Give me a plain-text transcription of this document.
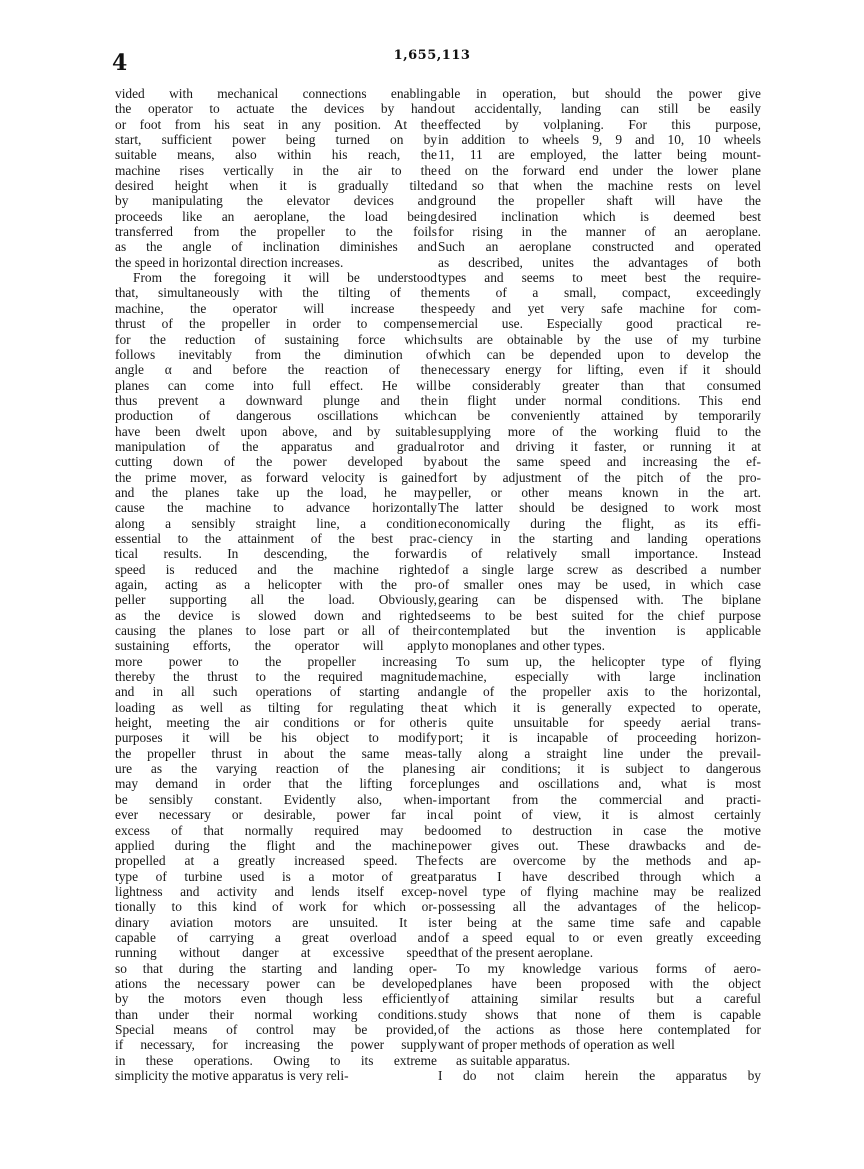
4	1,655,113
vided with mechanical connections enabling
the operator to actuate the devices by hand
or foot from his seat in any position. At the
start, sufficient power being turned on by
suitable means, also within his reach, the
machine rises vertically in the air to the
desired height when it is gradually tilted
by manipulating the elevator devices and
proceeds like an aeroplane, the load being
transferred from the propeller to the foils
as the angle of inclination diminishes and
the speed in horizontal direction increases.
From the foregoing it will be understood
that, simultaneously with the tilting of the
machine, the operator will increase the
thrust of the propeller in order to compense
for the reduction of sustaining force which
follows inevitably from the diminution of
angle α and before the reaction of the
planes can come into full effect. He will
thus prevent a downward plunge and the
production of dangerous oscillations which
have been dwelt upon above, and by suitable
manipulation of the apparatus and gradual
cutting down of the power developed by
the prime mover, as forward velocity is gained
and the planes take up the load, he may
cause the machine to advance horizontally
along a sensibly straight line, a condition
essential to the attainment of the best prac-
tical results. In descending, the forward
speed is reduced and the machine righted
again, acting as a helicopter with the pro-
peller supporting all the load. Obviously,
as the device is slowed down and righted
causing the planes to lose part or all of their
sustaining efforts, the operator will apply
more power to the propeller increasing
thereby the thrust to the required magnitude
and in all such operations of starting and
loading as well as tilting for regulating the
height, meeting the air conditions or for other
purposes it will be his object to modify
the propeller thrust in about the same meas-
ure as the varying reaction of the planes
may demand in order that the lifting force
be sensibly constant. Evidently also, when-
ever necessary or desirable, power far in
excess of that normally required may be
applied during the flight and the machine
propelled at a greatly increased speed. The
type of turbine used is a motor of great
lightness and activity and lends itself excep-
tionally to this kind of work for which or-
dinary aviation motors are unsuited. It is
capable of carrying a great overload and
running without danger at excessive speed
so that during the starting and landing oper-
ations the necessary power can be developed
by the motors even though less efficiently
than under their normal working conditions.
Special means of control may be provided,
if necessary, for increasing the power supply
in these operations. Owing to its extreme
simplicity the motive apparatus is very reli-
able in operation, but should the power give
out accidentally, landing can still be easily
effected by volplaning. For this purpose,
in addition to wheels 9, 9 and 10, 10 wheels
11, 11 are employed, the latter being mount-
ed on the forward end under the lower plane
and so that when the machine rests on level
ground the propeller shaft will have the
desired inclination which is deemed best
for rising in the manner of an aeroplane.
Such an aeroplane constructed and operated
as described, unites the advantages of both
types and seems to meet best the require-
ments of a small, compact, exceedingly
speedy and yet very safe machine for com-
mercial use. Especially good practical re-
sults are obtainable by the use of my turbine
which can be depended upon to develop the
necessary energy for lifting, even if it should
be considerably greater than that consumed
in flight under normal conditions. This end
can be conveniently attained by temporarily
supplying more of the working fluid to the
rotor and driving it faster, or running it at
about the same speed and increasing the ef-
fort by adjustment of the pitch of the pro-
peller, or other means known in the art.
The latter should be designed to work most
economically during the flight, as its effi-
ciency in the starting and landing operations
is of relatively small importance. Instead
of a single large screw as described a number
of smaller ones may be used, in which case
gearing can be dispensed with. The biplane
seems to be best suited for the chief purpose
contemplated but the invention is applicable
to monoplanes and other types.
To sum up, the helicopter type of flying
machine, especially with large inclination
angle of the propeller axis to the horizontal,
at which it is generally expected to operate,
is quite unsuitable for speedy aerial trans-
port; it is incapable of proceeding horizon-
tally along a straight line under the prevail-
ing air conditions; it is subject to dangerous
plunges and oscillations and, what is most
important from the commercial and practi-
cal point of view, it is almost certainly
doomed to destruction in case the motive
power gives out. These drawbacks and de-
fects are overcome by the methods and ap-
paratus I have described through which a
novel type of flying machine may be realized
possessing all the advantages of the helicop-
ter being at the same time safe and capable
of a speed equal to or even greatly exceeding
that of the present aeroplane.
To my knowledge various forms of aero-
planes have been proposed with the object
of attaining similar results but a careful
study shows that none of them is capable
of the actions as those here contemplated for
want of proper methods of operation as well
as suitable apparatus.
I do not claim herein the apparatus by
